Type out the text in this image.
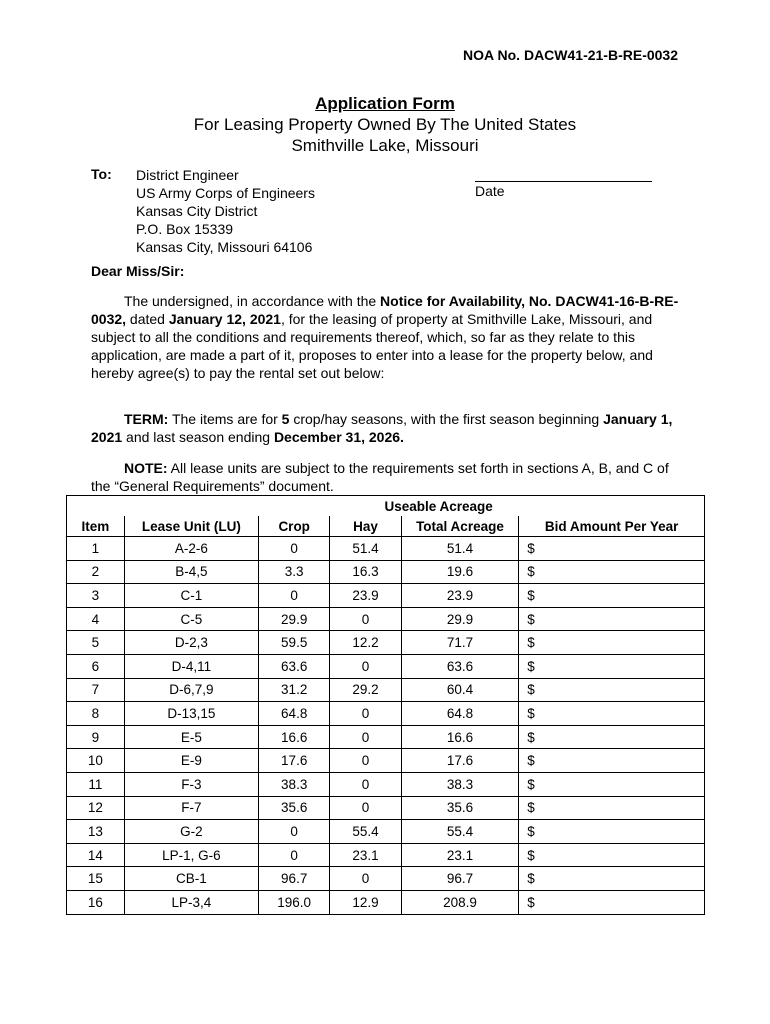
NOA No. DACW41-21-B-RE-0032
Application Form
For Leasing Property Owned By The United States
Smithville Lake, Missouri
To: District Engineer
US Army Corps of Engineers
Kansas City District
P.O. Box 15339
Kansas City, Missouri 64106
Date
Dear Miss/Sir:
The undersigned, in accordance with the Notice for Availability, No. DACW41-16-B-RE-0032, dated January 12, 2021, for the leasing of property at Smithville Lake, Missouri, and subject to all the conditions and requirements thereof, which, so far as they relate to this application, are made a part of it, proposes to enter into a lease for the property below, and hereby agree(s) to pay the rental set out below:
TERM: The items are for 5 crop/hay seasons, with the first season beginning January 1, 2021 and last season ending December 31, 2026.
NOTE: All lease units are subject to the requirements set forth in sections A, B, and C of the “General Requirements” document.
		Useable Acreage			
Item	Lease Unit (LU)	Crop	Hay	Total Acreage	Bid Amount Per Year
1	A-2-6	0	51.4	51.4	$
2	B-4,5	3.3	16.3	19.6	$
3	C-1	0	23.9	23.9	$
4	C-5	29.9	0	29.9	$
5	D-2,3	59.5	12.2	71.7	$
6	D-4,11	63.6	0	63.6	$
7	D-6,7,9	31.2	29.2	60.4	$
8	D-13,15	64.8	0	64.8	$
9	E-5	16.6	0	16.6	$
10	E-9	17.6	0	17.6	$
11	F-3	38.3	0	38.3	$
12	F-7	35.6	0	35.6	$
13	G-2	0	55.4	55.4	$
14	LP-1, G-6	0	23.1	23.1	$
15	CB-1	96.7	0	96.7	$
16	LP-3,4	196.0	12.9	208.9	$
